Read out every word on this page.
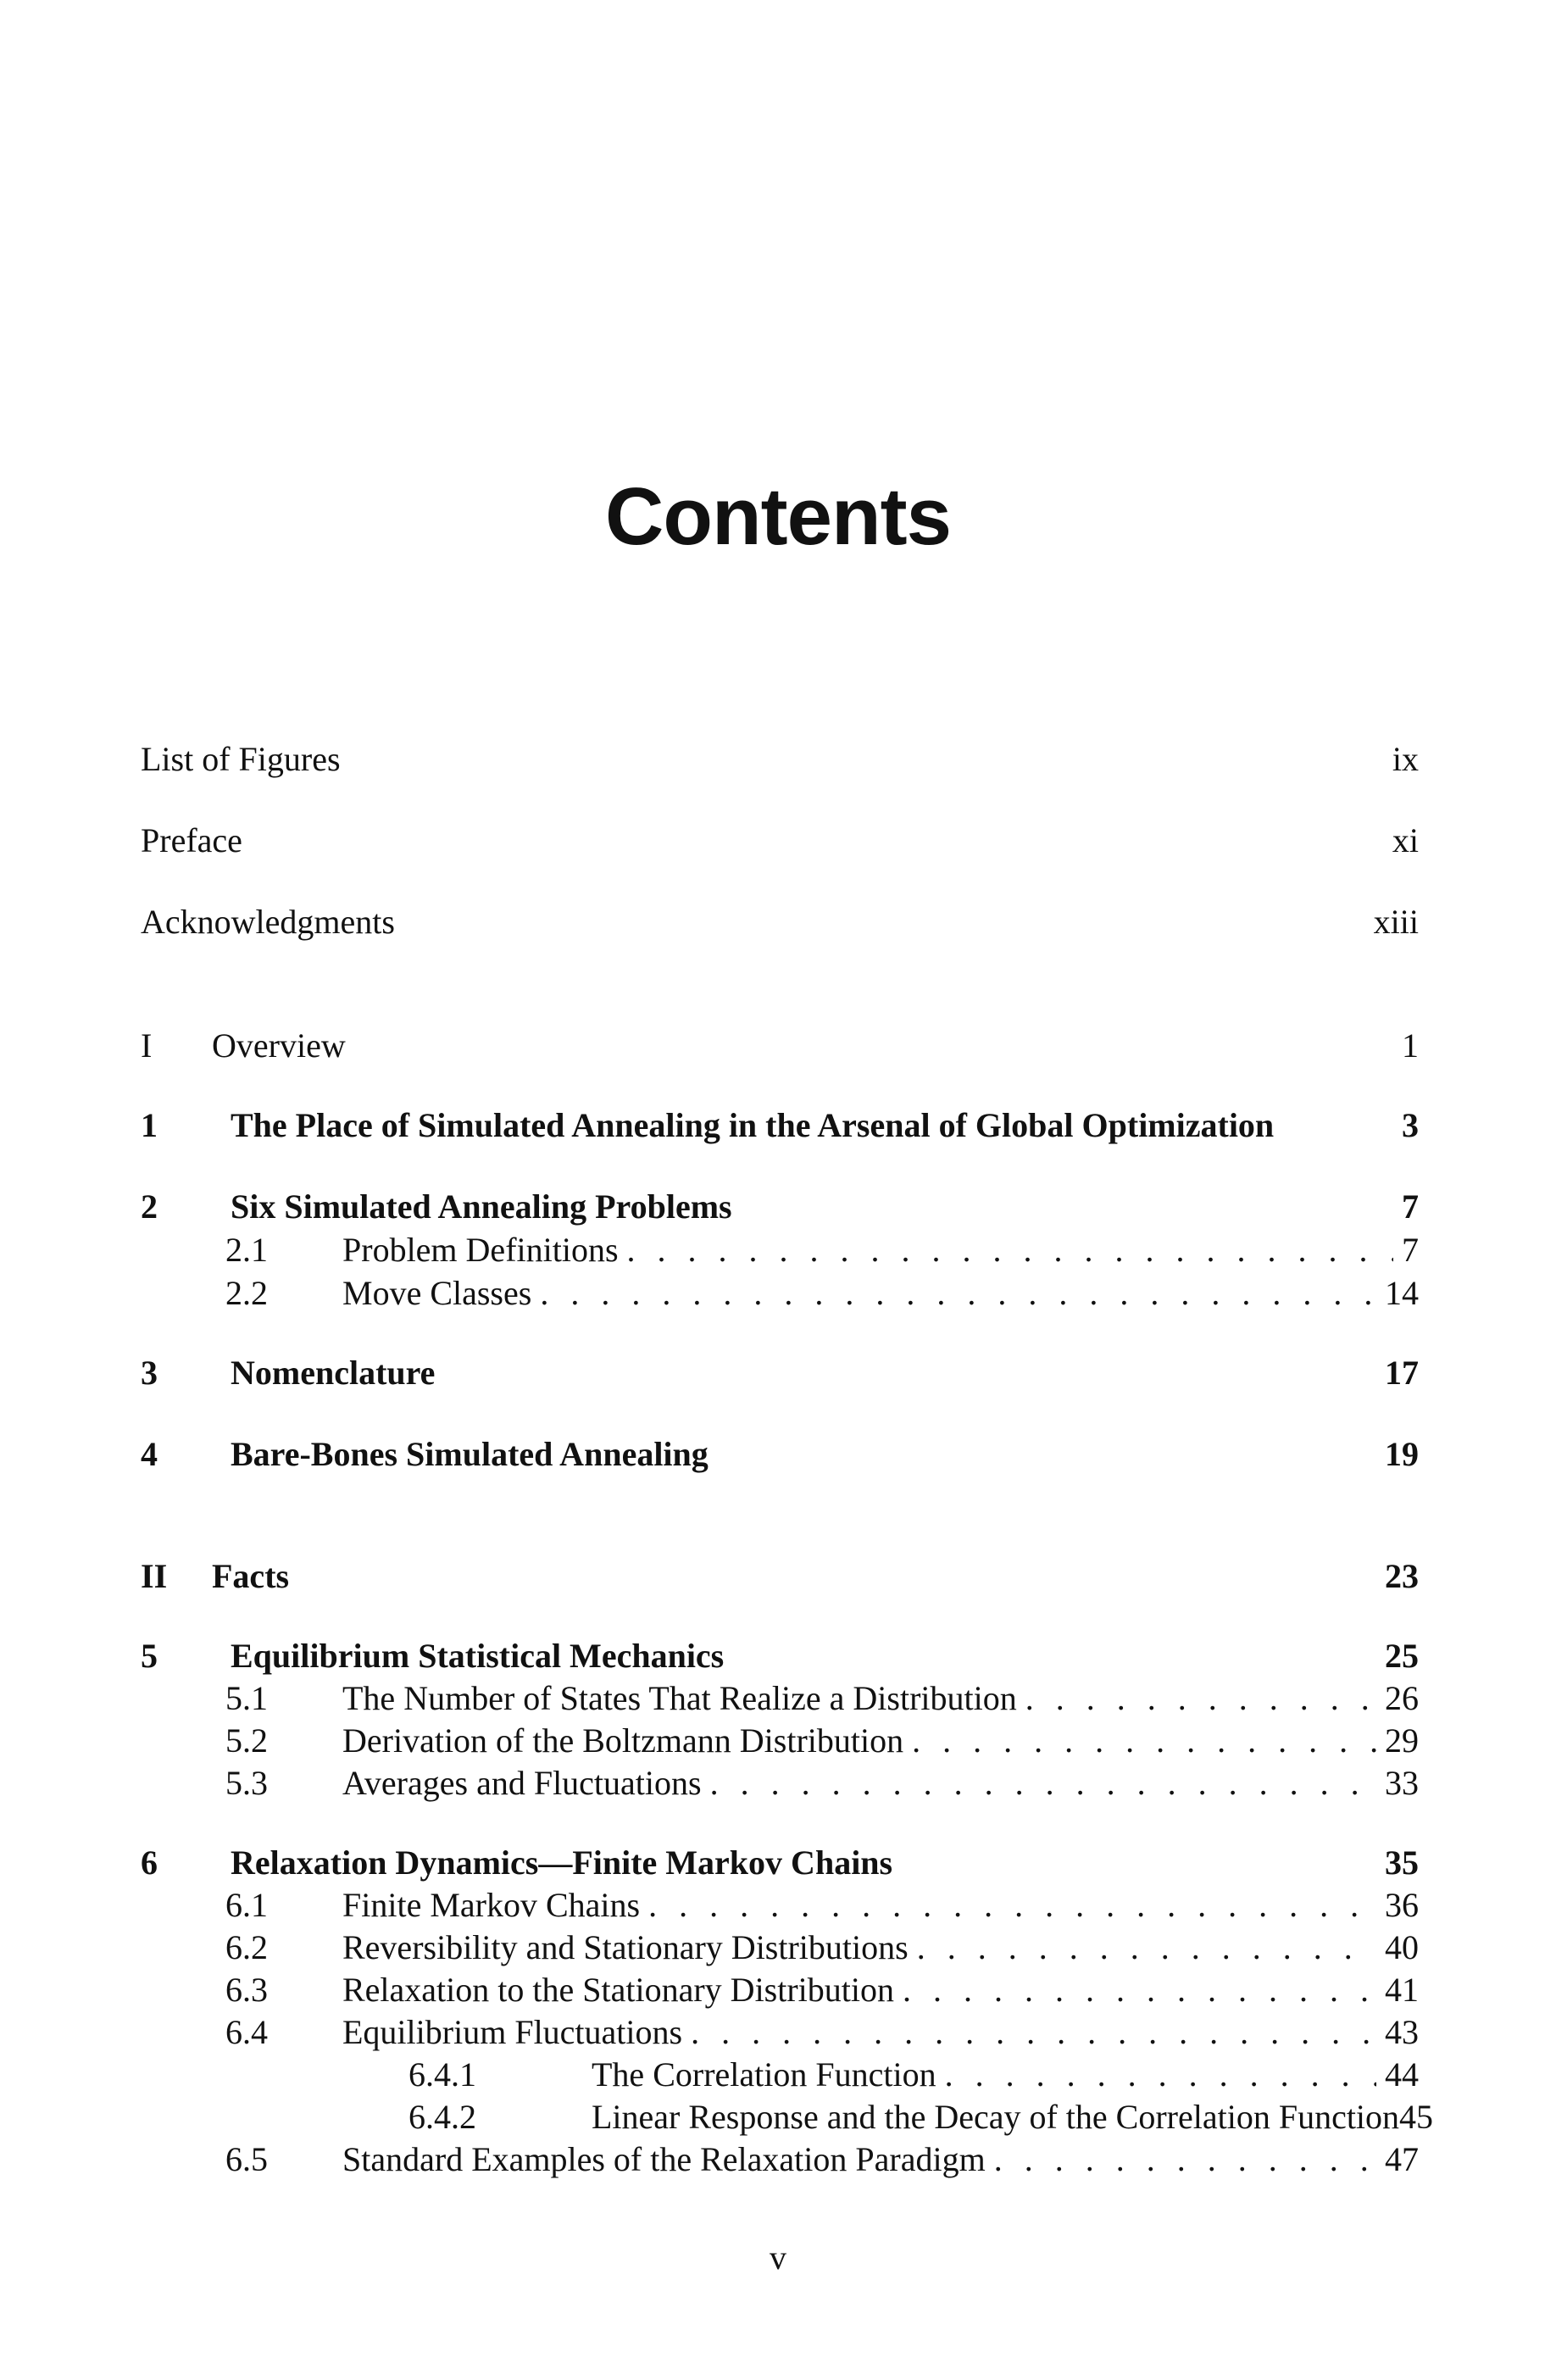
Contents
List of Figures	ix
Preface	xi
Acknowledgments	xiii
I	Overview	1
1	The Place of Simulated Annealing in the Arsenal of Global Optimization	3
2	Six Simulated Annealing Problems	7
2.1	Problem Definitions . . .	7
2.2	Move Classes . . .	14
3	Nomenclature	17
4	Bare-Bones Simulated Annealing	19
II	Facts	23
5	Equilibrium Statistical Mechanics	25
5.1	The Number of States That Realize a Distribution . . .	26
5.2	Derivation of the Boltzmann Distribution . . .	29
5.3	Averages and Fluctuations . . .	33
6	Relaxation Dynamics—Finite Markov Chains	35
6.1	Finite Markov Chains . . .	36
6.2	Reversibility and Stationary Distributions . . .	40
6.3	Relaxation to the Stationary Distribution . . .	41
6.4	Equilibrium Fluctuations . . .	43
6.4.1	The Correlation Function . . .	44
6.4.2	Linear Response and the Decay of the Correlation Function 45
6.5	Standard Examples of the Relaxation Paradigm . . .	47
v
